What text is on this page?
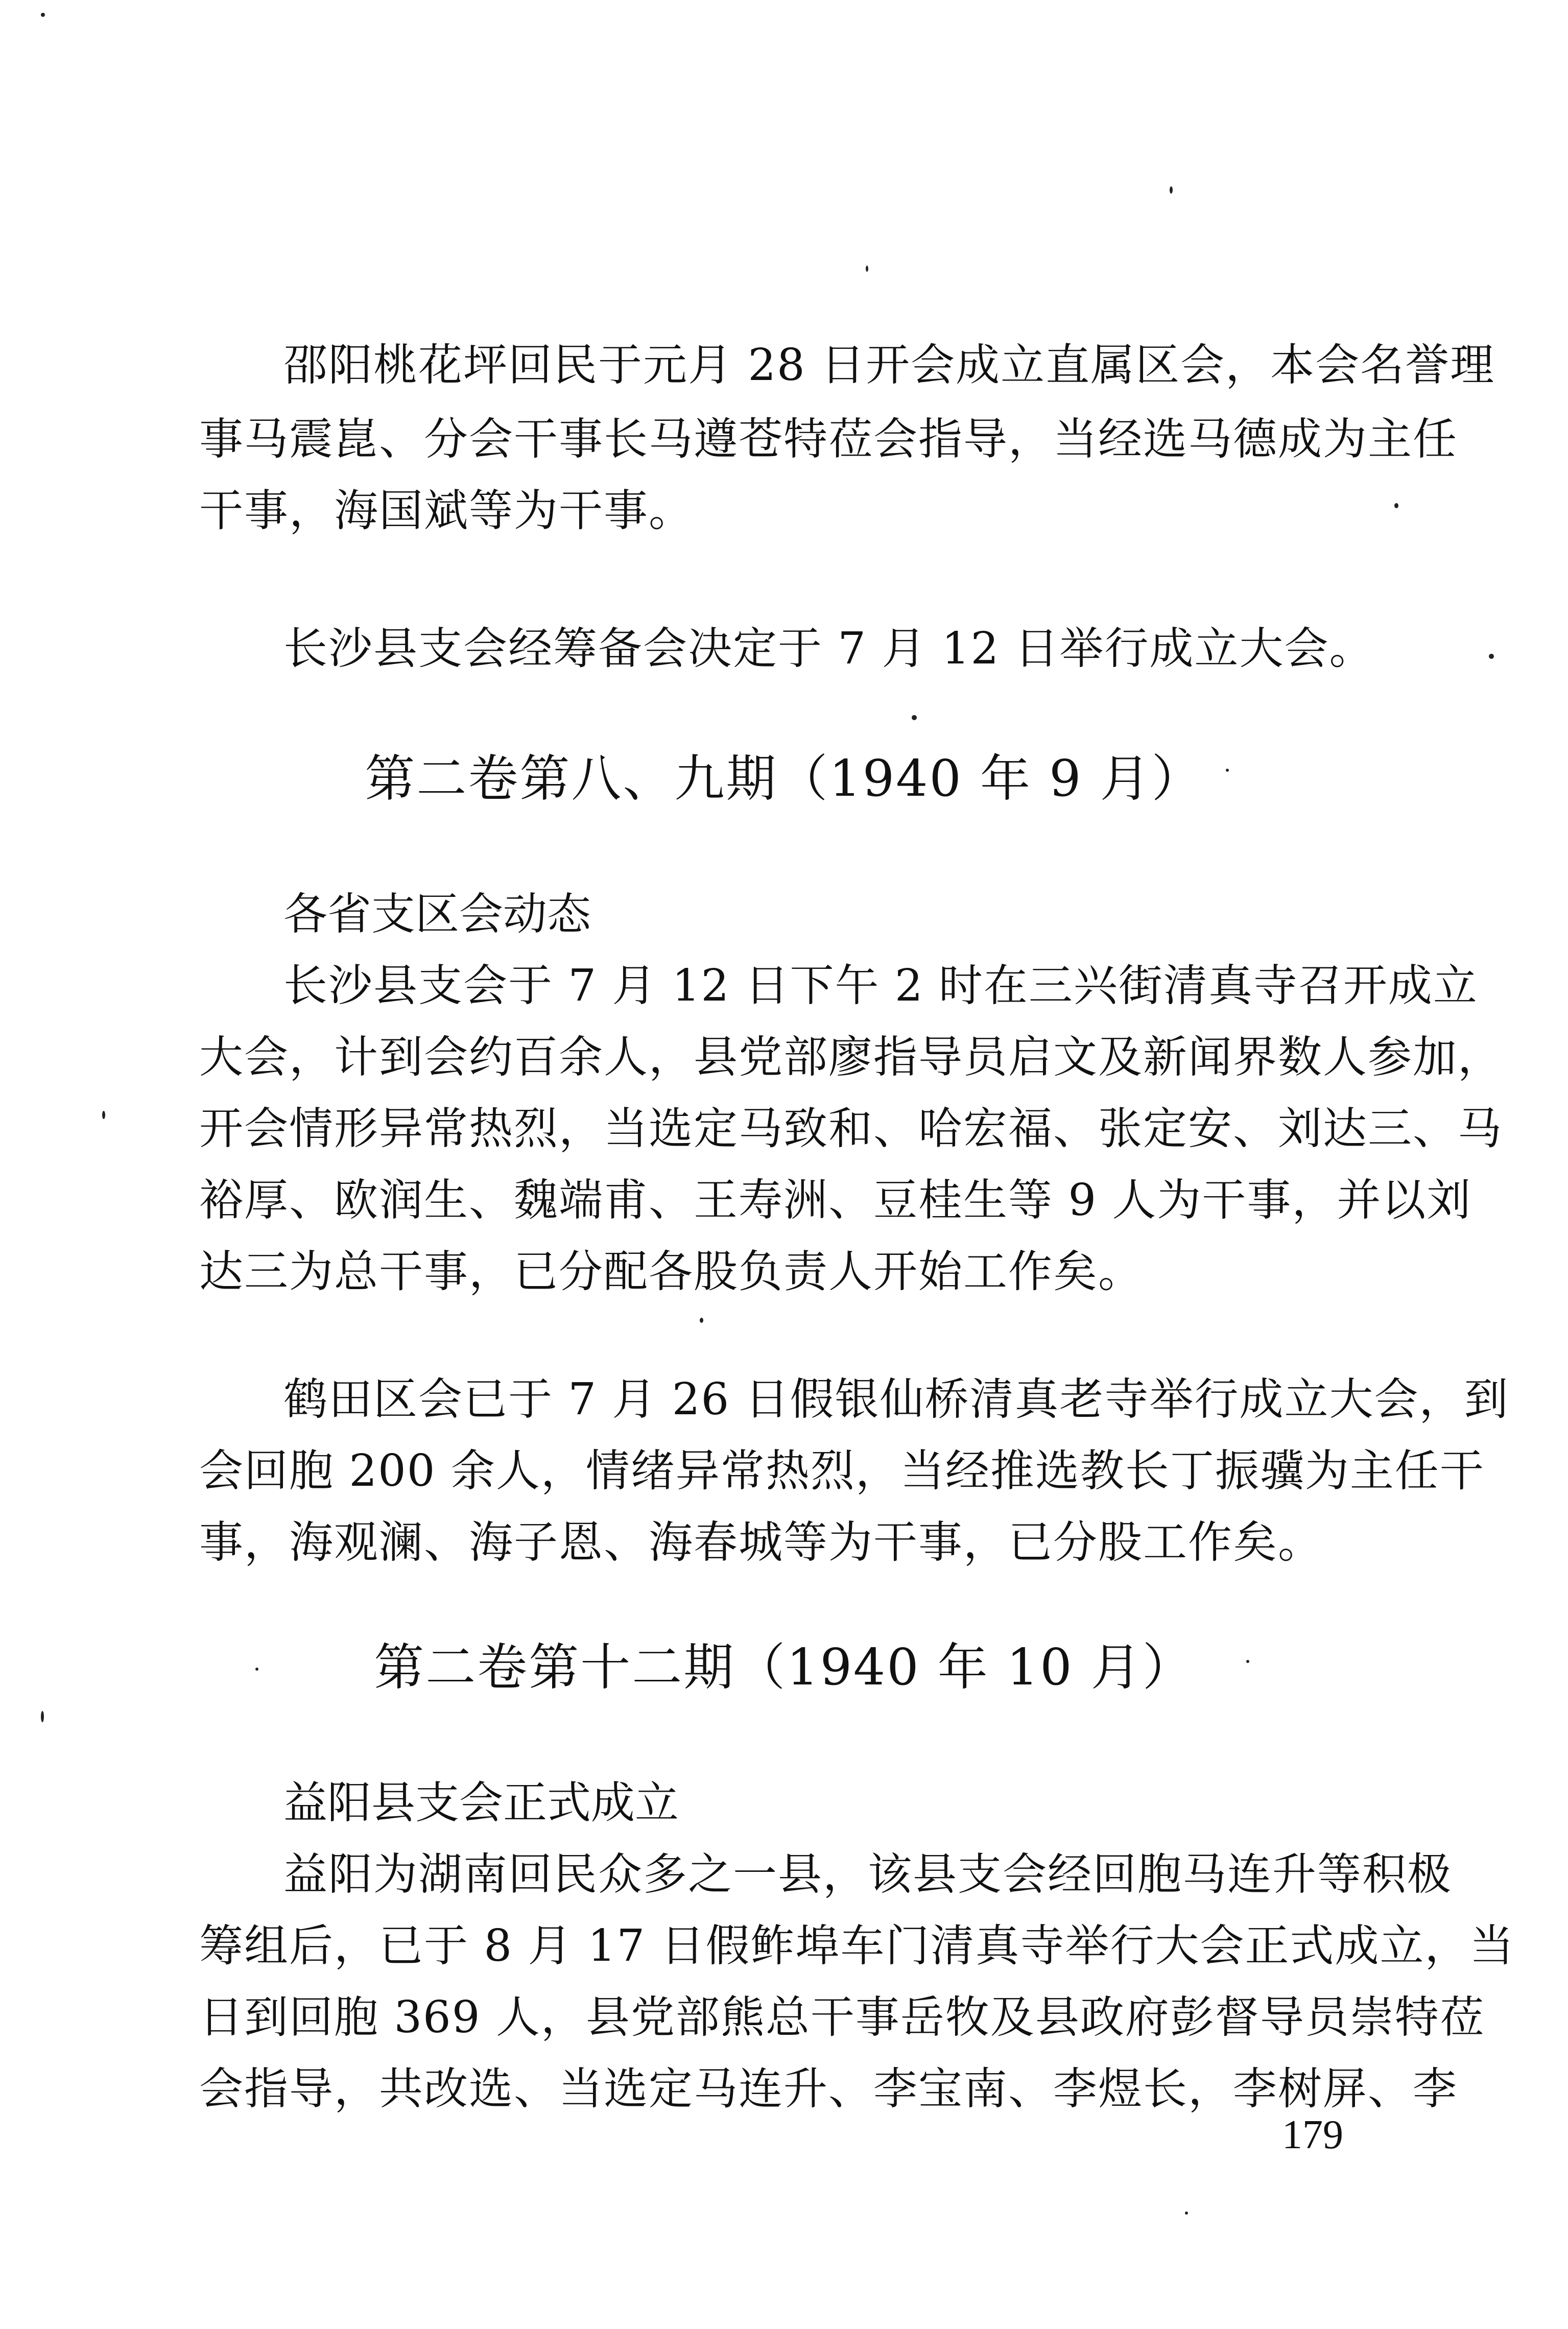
邵阳桃花坪回民于元月 28 日开会成立直属区会，本会名誉理
事马震崑、分会干事长马遵苍特莅会指导，当经选马德成为主任
干事，海国斌等为干事。
长沙县支会经筹备会决定于 7 月 12 日举行成立大会。
第二卷第八、九期（1940 年 9 月）
各省支区会动态
长沙县支会于 7 月 12 日下午 2 时在三兴街清真寺召开成立
大会，计到会约百余人，县党部廖指导员启文及新闻界数人参加，
开会情形异常热烈，当选定马致和、哈宏福、张定安、刘达三、马
裕厚、欧润生、魏端甫、王寿洲、豆桂生等 9 人为干事，并以刘
达三为总干事，已分配各股负责人开始工作矣。
鹤田区会已于 7 月 26 日假银仙桥清真老寺举行成立大会，到
会回胞 200 余人，情绪异常热烈，当经推选教长丁振骥为主任干
事，海观澜、海子恩、海春城等为干事，已分股工作矣。
第二卷第十二期（1940 年 10 月）
益阳县支会正式成立
益阳为湖南回民众多之一县，该县支会经回胞马连升等积极
筹组后，已于 8 月 17 日假鲊埠车门清真寺举行大会正式成立，当
日到回胞 369 人，县党部熊总干事岳牧及县政府彭督导员崇特莅
会指导，共改选、当选定马连升、李宝南、李煜长，李树屏、李
179
